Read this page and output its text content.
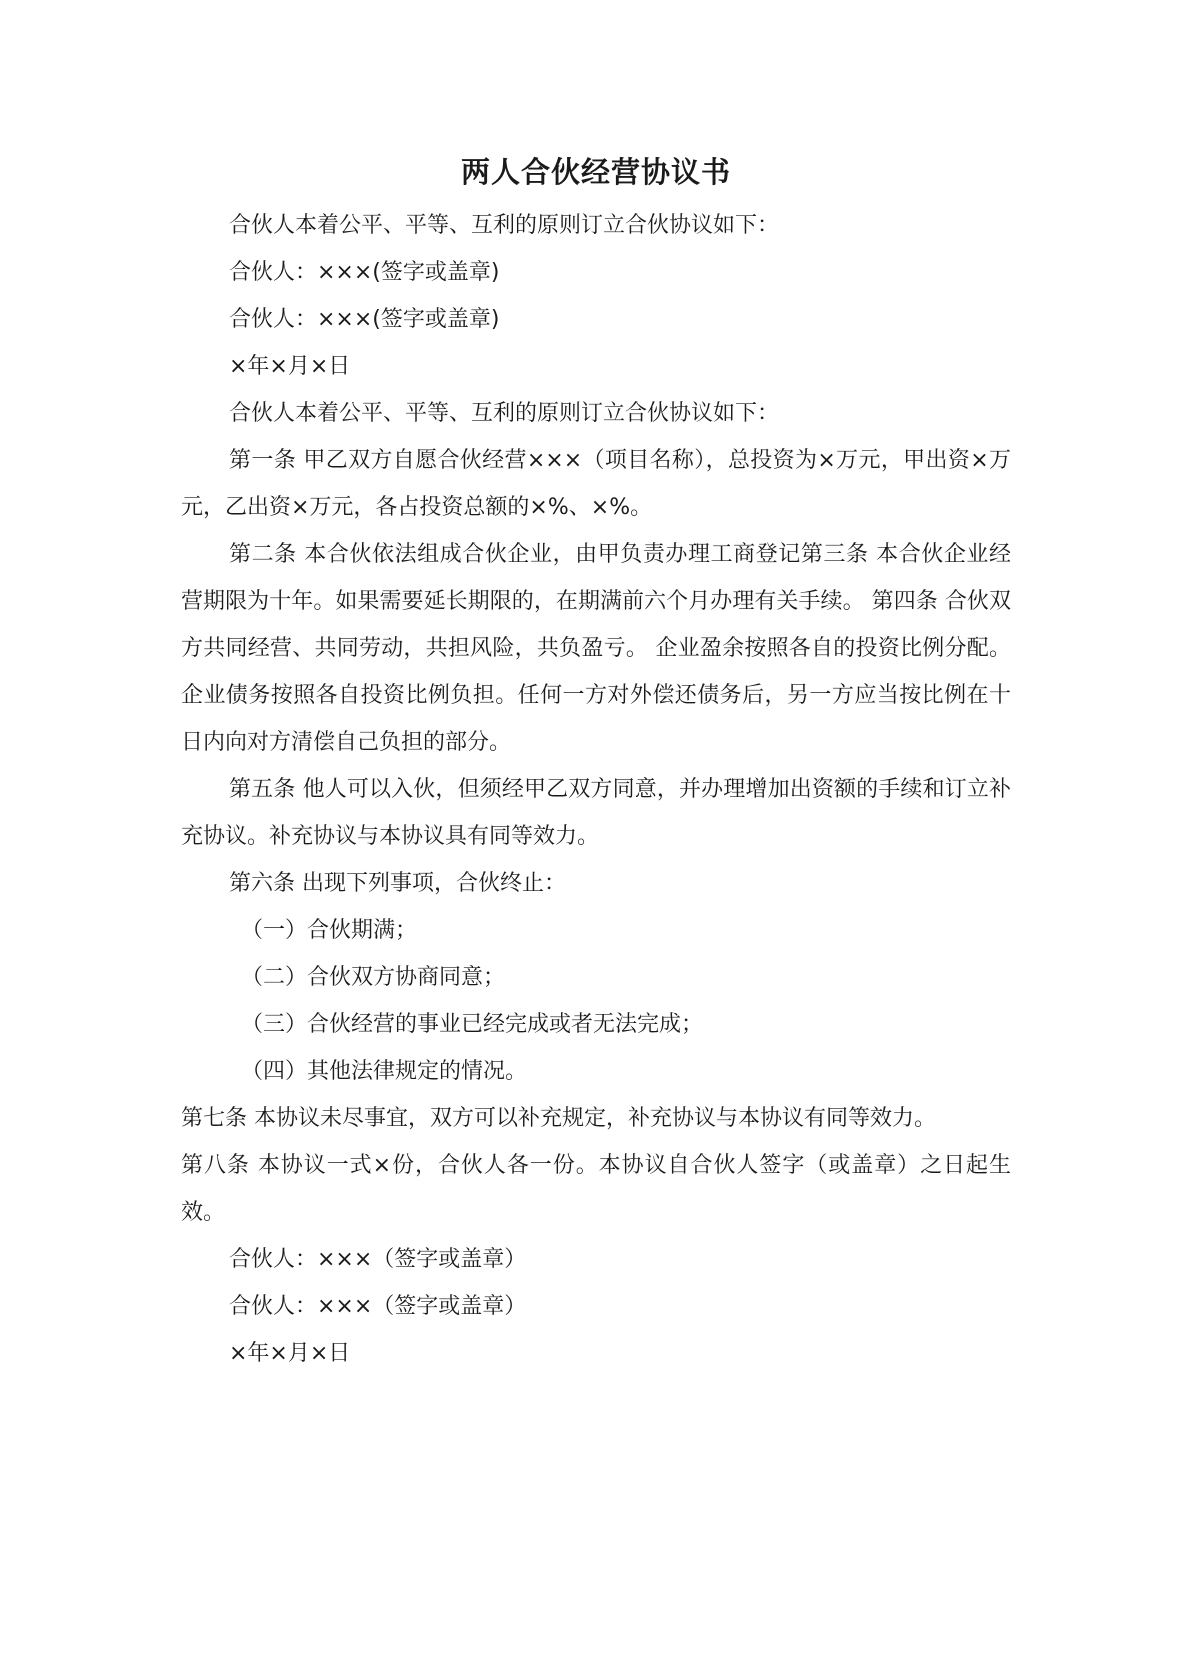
两人合伙经营协议书

合伙人本着公平、平等、互利的原则订立合伙协议如下：

合伙人：×××(签字或盖章)

合伙人：×××(签字或盖章)

×年×月×日

合伙人本着公平、平等、互利的原则订立合伙协议如下：

第一条 甲乙双方自愿合伙经营×××（项目名称），总投资为×万元，甲出资×万元，乙出资×万元，各占投资总额的×%、×%。

第二条 本合伙依法组成合伙企业，由甲负责办理工商登记第三条 本合伙企业经营期限为十年。如果需要延长期限的，在期满前六个月办理有关手续。 第四条 合伙双方共同经营、共同劳动，共担风险，共负盈亏。 企业盈余按照各自的投资比例分配。 企业债务按照各自投资比例负担。任何一方对外偿还债务后，另一方应当按比例在十日内向对方清偿自己负担的部分。

第五条 他人可以入伙，但须经甲乙双方同意，并办理增加出资额的手续和订立补充协议。补充协议与本协议具有同等效力。

第六条 出现下列事项，合伙终止：

（一）合伙期满；

（二）合伙双方协商同意；

（三）合伙经营的事业已经完成或者无法完成；

（四）其他法律规定的情况。

第七条 本协议未尽事宜，双方可以补充规定，补充协议与本协议有同等效力。

第八条 本协议一式×份，合伙人各一份。本协议自合伙人签字（或盖章）之日起生效。

合伙人：×××（签字或盖章）

合伙人：×××（签字或盖章）

×年×月×日
